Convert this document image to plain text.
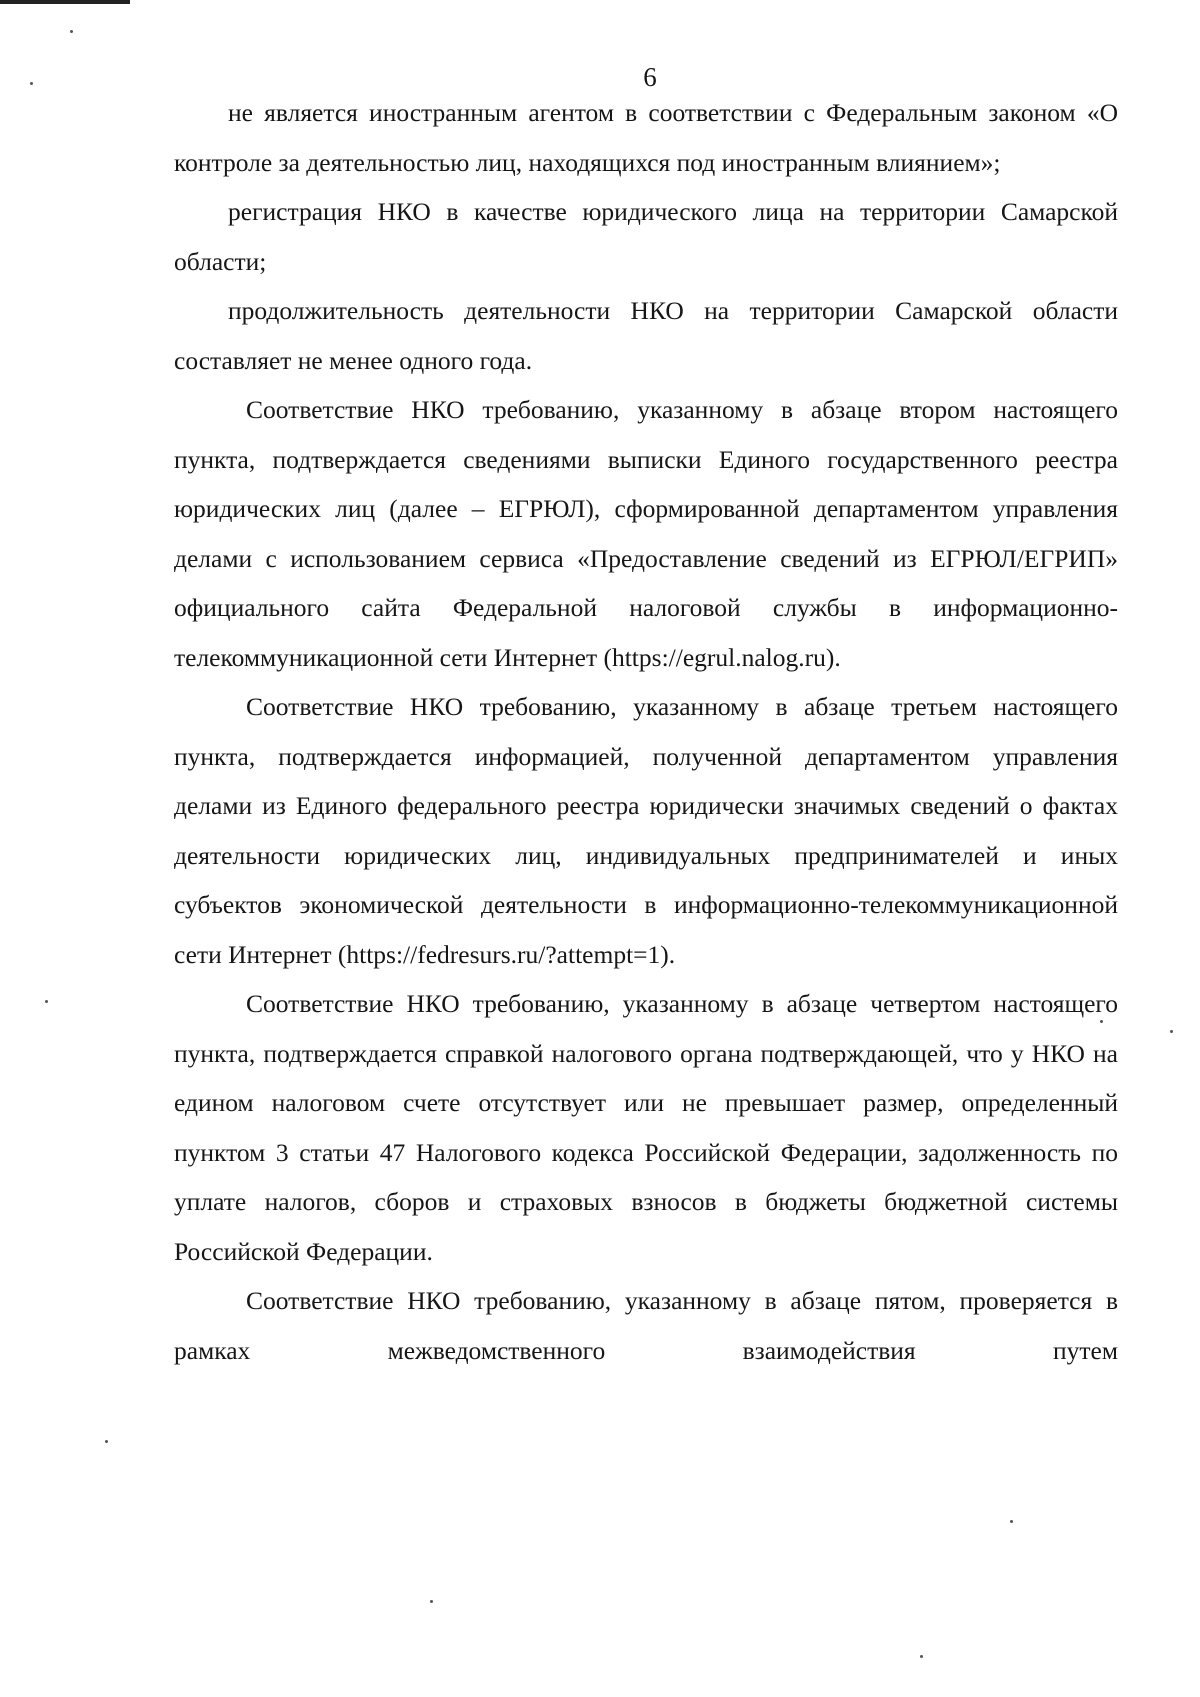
6

не является иностранным агентом в соответствии с Федеральным законом «О контроле за деятельностью лиц, находящихся под иностранным влиянием»;

регистрация НКО в качестве юридического лица на территории Самарской области;

продолжительность деятельности НКО на территории Самарской области составляет не менее одного года.

Соответствие НКО требованию, указанному в абзаце втором настоящего пункта, подтверждается сведениями выписки Единого государственного реестра юридических лиц (далее – ЕГРЮЛ), сформированной департаментом управления делами с использованием сервиса «Предоставление сведений из ЕГРЮЛ/ЕГРИП» официального сайта Федеральной налоговой службы в информационно-телекоммуникационной сети Интернет (https://egrul.nalog.ru).

Соответствие НКО требованию, указанному в абзаце третьем настоящего пункта, подтверждается информацией, полученной департаментом управления делами из Единого федерального реестра юридически значимых сведений о фактах деятельности юридических лиц, индивидуальных предпринимателей и иных субъектов экономической деятельности в информационно-телекоммуникационной сети Интернет (https://fedresurs.ru/?attempt=1).

Соответствие НКО требованию, указанному в абзаце четвертом настоящего пункта, подтверждается справкой налогового органа подтверждающей, что у НКО на едином налоговом счете отсутствует или не превышает размер, определенный пунктом 3 статьи 47 Налогового кодекса Российской Федерации, задолженность по уплате налогов, сборов и страховых взносов в бюджеты бюджетной системы Российской Федерации.

Соответствие НКО требованию, указанному в абзаце пятом, проверяется в рамках межведомственного взаимодействия путем
